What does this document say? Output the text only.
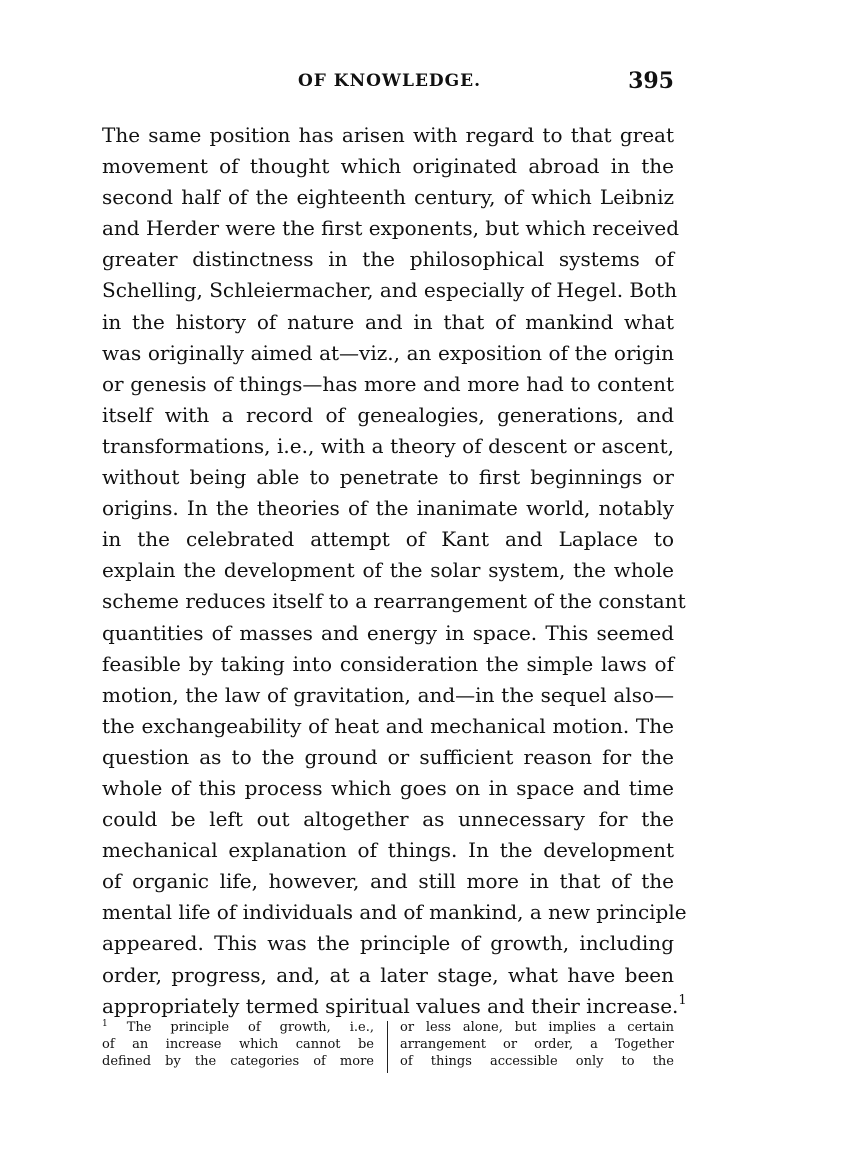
OF KNOWLEDGE.	395
The same position has arisen with regard to that great
movement of thought which originated abroad in the
second half of the eighteenth century, of which Leibniz
and Herder were the first exponents, but which received
greater distinctness in the philosophical systems of
Schelling, Schleiermacher, and especially of Hegel. Both
in the history of nature and in that of mankind what
was originally aimed at—viz., an exposition of the origin
or genesis of things—has more and more had to content
itself with a record of genealogies, generations, and
transformations, i.e., with a theory of descent or ascent,
without being able to penetrate to first beginnings or
origins. In the theories of the inanimate world, notably
in the celebrated attempt of Kant and Laplace to
explain the development of the solar system, the whole
scheme reduces itself to a rearrangement of the constant
quantities of masses and energy in space. This seemed
feasible by taking into consideration the simple laws of
motion, the law of gravitation, and—in the sequel also—
the exchangeability of heat and mechanical motion. The
question as to the ground or sufficient reason for the
whole of this process which goes on in space and time
could be left out altogether as unnecessary for the
mechanical explanation of things. In the development
of organic life, however, and still more in that of the
mental life of individuals and of mankind, a new principle
appeared. This was the principle of growth, including
order, progress, and, at a later stage, what have been
appropriately termed spiritual values and their increase.$^1$
$^1$ The principle of growth, i.e.,
of an increase which cannot be
defined by the categories of more
or less alone, but implies a certain
arrangement or order, a Together
of things accessible only to the
